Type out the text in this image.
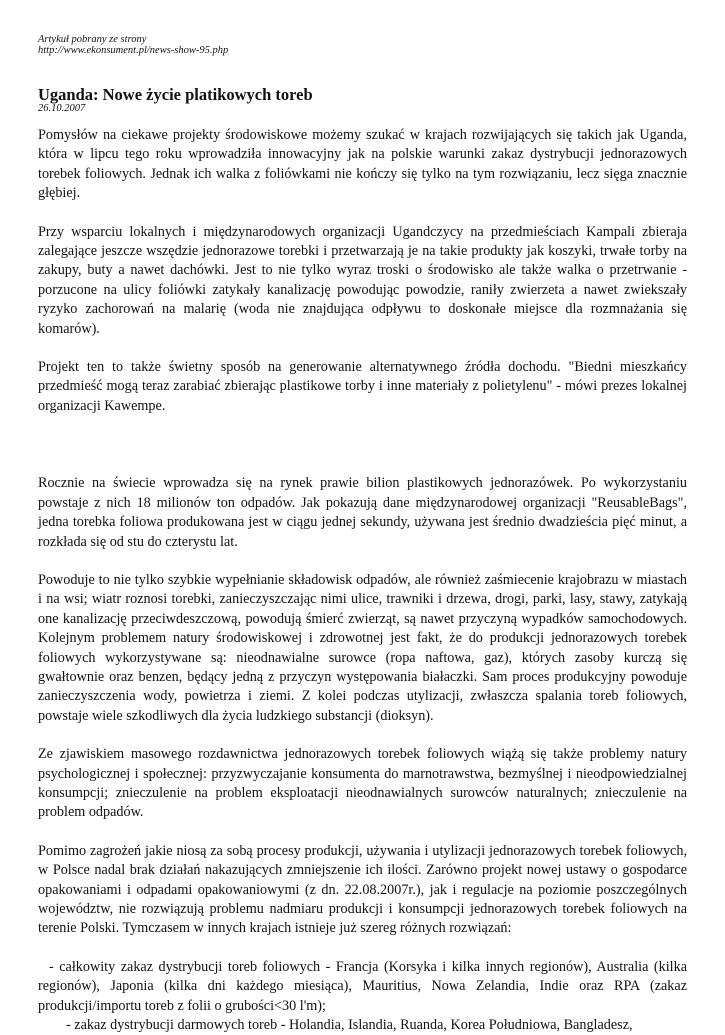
Artykuł pobrany ze strony
http://www.ekonsument.pl/news-show-95.php
Uganda: Nowe życie platikowych toreb
26.10.2007

Pomysłów na ciekawe projekty środowiskowe możemy szukać w krajach rozwijających się takich jak Uganda, która w lipcu tego roku wprowadziła innowacyjny jak na polskie warunki zakaz dystrybucji jednorazowych torebek foliowych. Jednak ich walka z foliówkami nie kończy się tylko na tym rozwiązaniu, lecz sięga znacznie głębiej.

Przy wsparciu lokalnych i międzynarodowych organizacji Ugandczycy na przedmieściach Kampali zbieraja zalegające jeszcze wszędzie jednorazowe torebki i przetwarzają je na takie produkty jak koszyki, trwałe torby na zakupy, buty a nawet dachówki. Jest to nie tylko wyraz troski o środowisko ale także walka o przetrwanie - porzucone na ulicy foliówki zatykały kanalizację powodując powodzie, raniły zwierzeta a nawet zwiekszały ryzyko zachorowań na malarię (woda nie znajdująca odpływu to doskonałe miejsce dla rozmnażania się komarów).

Projekt ten to także świetny sposób na generowanie alternatywnego źródła dochodu. "Biedni mieszkańcy przedmieść mogą teraz zarabiać zbierając plastikowe torby i inne materiały z polietylenu" - mówi prezes lokalnej organizacji Kawempe.

Rocznie na świecie wprowadza się na rynek prawie bilion plastikowych jednorazówek. Po wykorzystaniu powstaje z nich 18 milionów ton odpadów. Jak pokazują dane międzynarodowej organizacji "ReusableBags", jedna torebka foliowa produkowana jest w ciągu jednej sekundy, używana jest średnio dwadzieścia pięć minut, a rozkłada się od stu do czterystu lat.

Powoduje to nie tylko szybkie wypełnianie składowisk odpadów, ale również zaśmiecenie krajobrazu w miastach i na wsi; wiatr roznosi torebki, zanieczyszczając nimi ulice, trawniki i drzewa, drogi, parki, lasy, stawy, zatykają one kanalizację przeciwdeszczową, powodują śmierć zwierząt, są nawet przyczyną wypadków samochodowych. Kolejnym problemem natury środowiskowej i zdrowotnej jest fakt, że do produkcji jednorazowych torebek foliowych wykorzystywane są: nieodnawialne surowce (ropa naftowa, gaz), których zasoby kurczą się gwałtownie oraz benzen, będący jedną z przyczyn występowania białaczki. Sam proces produkcyjny powoduje zanieczyszczenia wody, powietrza i ziemi. Z kolei podczas utylizacji, zwłaszcza spalania toreb foliowych, powstaje wiele szkodliwych dla życia ludzkiego substancji (dioksyn).

Ze zjawiskiem masowego rozdawnictwa jednorazowych torebek foliowych wiążą się także problemy natury psychologicznej i społecznej: przyzwyczajanie konsumenta do marnotrawstwa, bezmyślnej i nieodpowiedzialnej konsumpcji; znieczulenie na problem eksploatacji nieodnawialnych surowców naturalnych; znieczulenie na problem odpadów.

Pomimo zagrożeń jakie niosą za sobą procesy produkcji, używania i utylizacji jednorazowych torebek foliowych, w Polsce nadal brak działań nakazujących zmniejszenie ich ilości. Zarówno projekt nowej ustawy o gospodarce opakowaniami i odpadami opakowaniowymi (z dn. 22.08.2007r.), jak i regulacje na poziomie poszczególnych województw, nie rozwiązują problemu nadmiaru produkcji i konsumpcji jednorazowych torebek foliowych na terenie Polski. Tymczasem w innych krajach istnieje już szereg różnych rozwiązań:

- całkowity zakaz dystrybucji toreb foliowych - Francja (Korsyka i kilka innych regionów), Australia (kilka regionów), Japonia (kilka dni każdego miesiąca), Mauritius, Nowa Zelandia, Indie oraz RPA (zakaz produkcji/importu toreb z folii o grubości<30 l'm);
- zakaz dystrybucji darmowych toreb - Holandia, Islandia, Ruanda, Korea Południowa, Bangladesz,
